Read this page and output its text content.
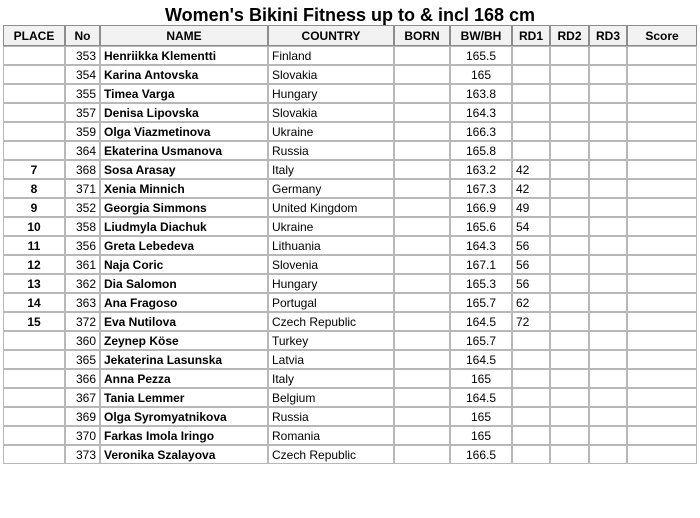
Women's Bikini Fitness up to & incl 168 cm
PLACE	No	NAME	COUNTRY	BORN	BW/BH	RD1	RD2	RD3	Score
	353	Henriikka Klementti	Finland		165.5				
	354	Karina Antovska	Slovakia		165				
	355	Timea Varga	Hungary		163.8				
	357	Denisa Lipovska	Slovakia		164.3				
	359	Olga Viazmetinova	Ukraine		166.3				
	364	Ekaterina Usmanova	Russia		165.8				
7	368	Sosa Arasay	Italy		163.2	42			
8	371	Xenia Minnich	Germany		167.3	42			
9	352	Georgia Simmons	United Kingdom		166.9	49			
10	358	Liudmyla Diachuk	Ukraine		165.6	54			
11	356	Greta Lebedeva	Lithuania		164.3	56			
12	361	Naja Coric	Slovenia		167.1	56			
13	362	Dia Salomon	Hungary		165.3	56			
14	363	Ana Fragoso	Portugal		165.7	62			
15	372	Eva Nutilova	Czech Republic		164.5	72			
	360	Zeynep Köse	Turkey		165.7				
	365	Jekaterina Lasunska	Latvia		164.5				
	366	Anna Pezza	Italy		165				
	367	Tania Lemmer	Belgium		164.5				
	369	Olga Syromyatnikova	Russia		165				
	370	Farkas Imola Iringo	Romania		165				
	373	Veronika Szalayova	Czech Republic		166.5				
